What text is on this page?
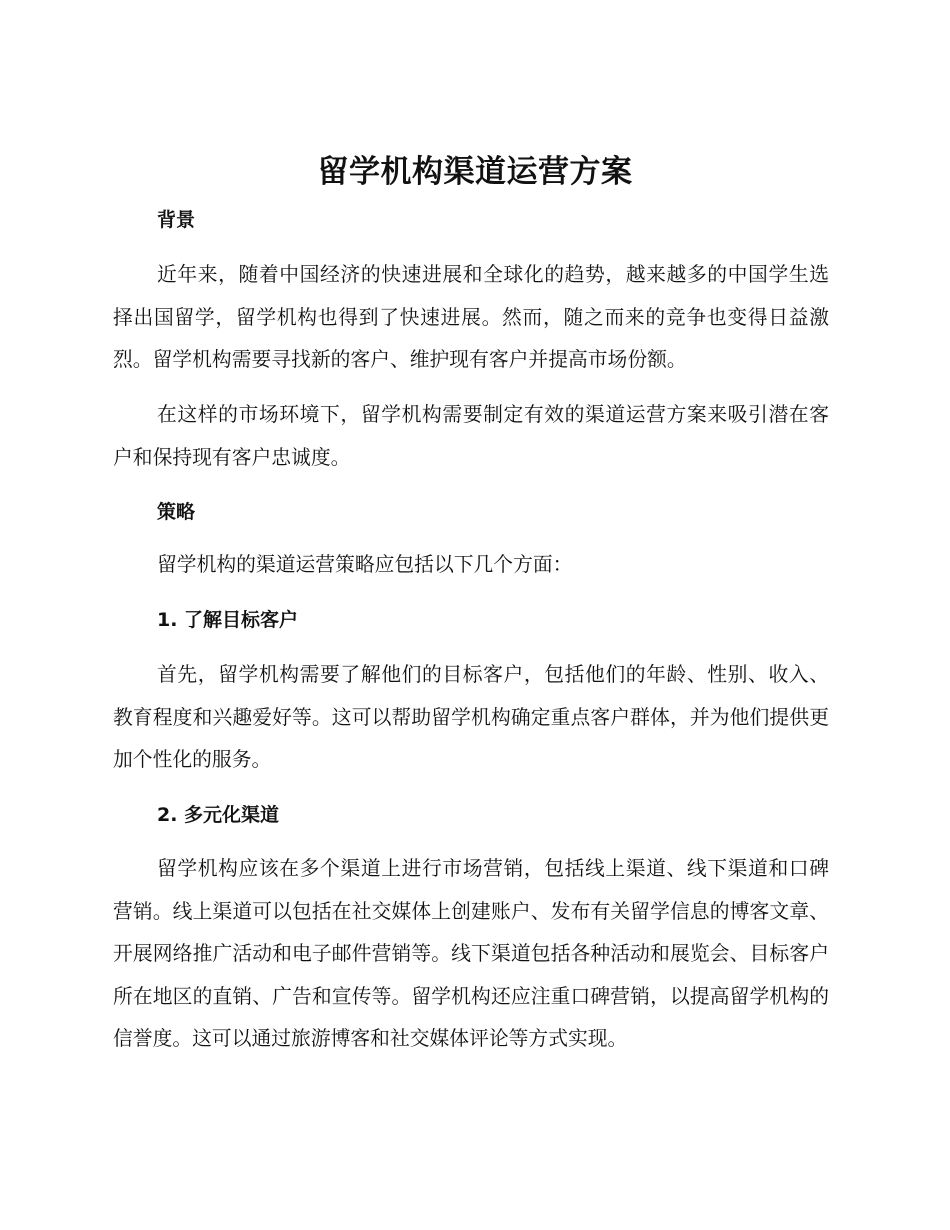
留学机构渠道运营方案
背景

近年来，随着中国经济的快速进展和全球化的趋势，越来越多的中国学生选择出国留学，留学机构也得到了快速进展。然而，随之而来的竞争也变得日益激烈。留学机构需要寻找新的客户、维护现有客户并提高市场份额。

在这样的市场环境下，留学机构需要制定有效的渠道运营方案来吸引潜在客户和保持现有客户忠诚度。

策略

留学机构的渠道运营策略应包括以下几个方面：

1. 了解目标客户

首先，留学机构需要了解他们的目标客户，包括他们的年龄、性别、收入、教育程度和兴趣爱好等。这可以帮助留学机构确定重点客户群体，并为他们提供更加个性化的服务。

2. 多元化渠道

留学机构应该在多个渠道上进行市场营销，包括线上渠道、线下渠道和口碑营销。线上渠道可以包括在社交媒体上创建账户、发布有关留学信息的博客文章、开展网络推广活动和电子邮件营销等。线下渠道包括各种活动和展览会、目标客户所在地区的直销、广告和宣传等。留学机构还应注重口碑营销，以提高留学机构的信誉度。这可以通过旅游博客和社交媒体评论等方式实现。
